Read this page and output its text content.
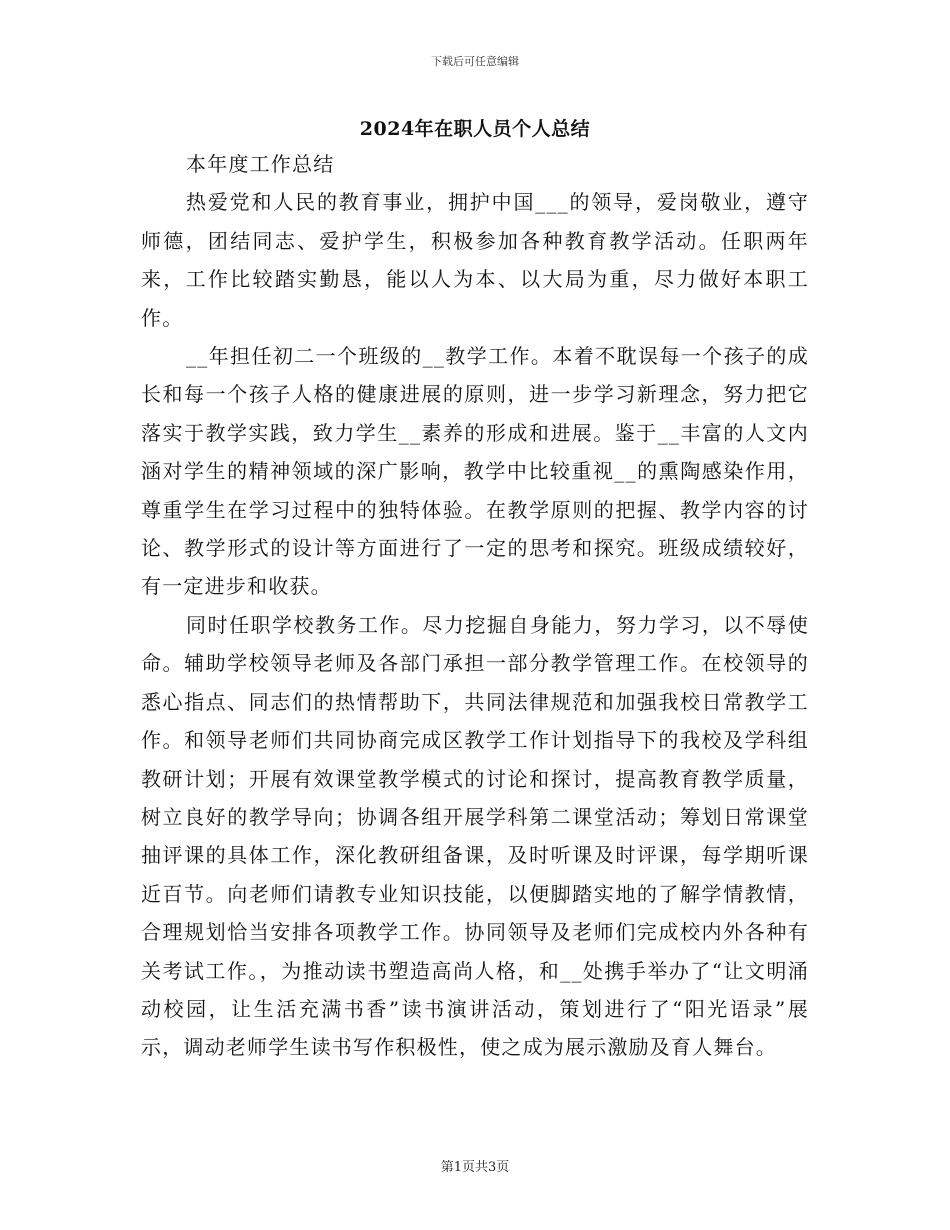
下载后可任意编辑
2024年在职人员个人总结

本年度工作总结

热爱党和人民的教育事业，拥护中国___的领导，爱岗敬业，遵守师德，团结同志、爱护学生，积极参加各种教育教学活动。任职两年来，工作比较踏实勤恳，能以人为本、以大局为重，尽力做好本职工作。

__年担任初二一个班级的__教学工作。本着不耽误每一个孩子的成长和每一个孩子人格的健康进展的原则，进一步学习新理念，努力把它落实于教学实践，致力学生__素养的形成和进展。鉴于__丰富的人文内涵对学生的精神领域的深广影响，教学中比较重视__的熏陶感染作用，尊重学生在学习过程中的独特体验。在教学原则的把握、教学内容的讨论、教学形式的设计等方面进行了一定的思考和探究。班级成绩较好，有一定进步和收获。

同时任职学校教务工作。尽力挖掘自身能力，努力学习，以不辱使命。辅助学校领导老师及各部门承担一部分教学管理工作。在校领导的悉心指点、同志们的热情帮助下，共同法律规范和加强我校日常教学工作。和领导老师们共同协商完成区教学工作计划指导下的我校及学科组教研计划；开展有效课堂教学模式的讨论和探讨，提高教育教学质量，树立良好的教学导向；协调各组开展学科第二课堂活动；筹划日常课堂抽评课的具体工作，深化教研组备课，及时听课及时评课，每学期听课近百节。向老师们请教专业知识技能，以便脚踏实地的了解学情教情，合理规划恰当安排各项教学工作。协同领导及老师们完成校内外各种有关考试工作。，为推动读书塑造高尚人格，和__处携手举办了“让文明涌动校园，让生活充满书香”读书演讲活动，策划进行了“阳光语录”展示，调动老师学生读书写作积极性，使之成为展示激励及育人舞台。

第1页共3页
